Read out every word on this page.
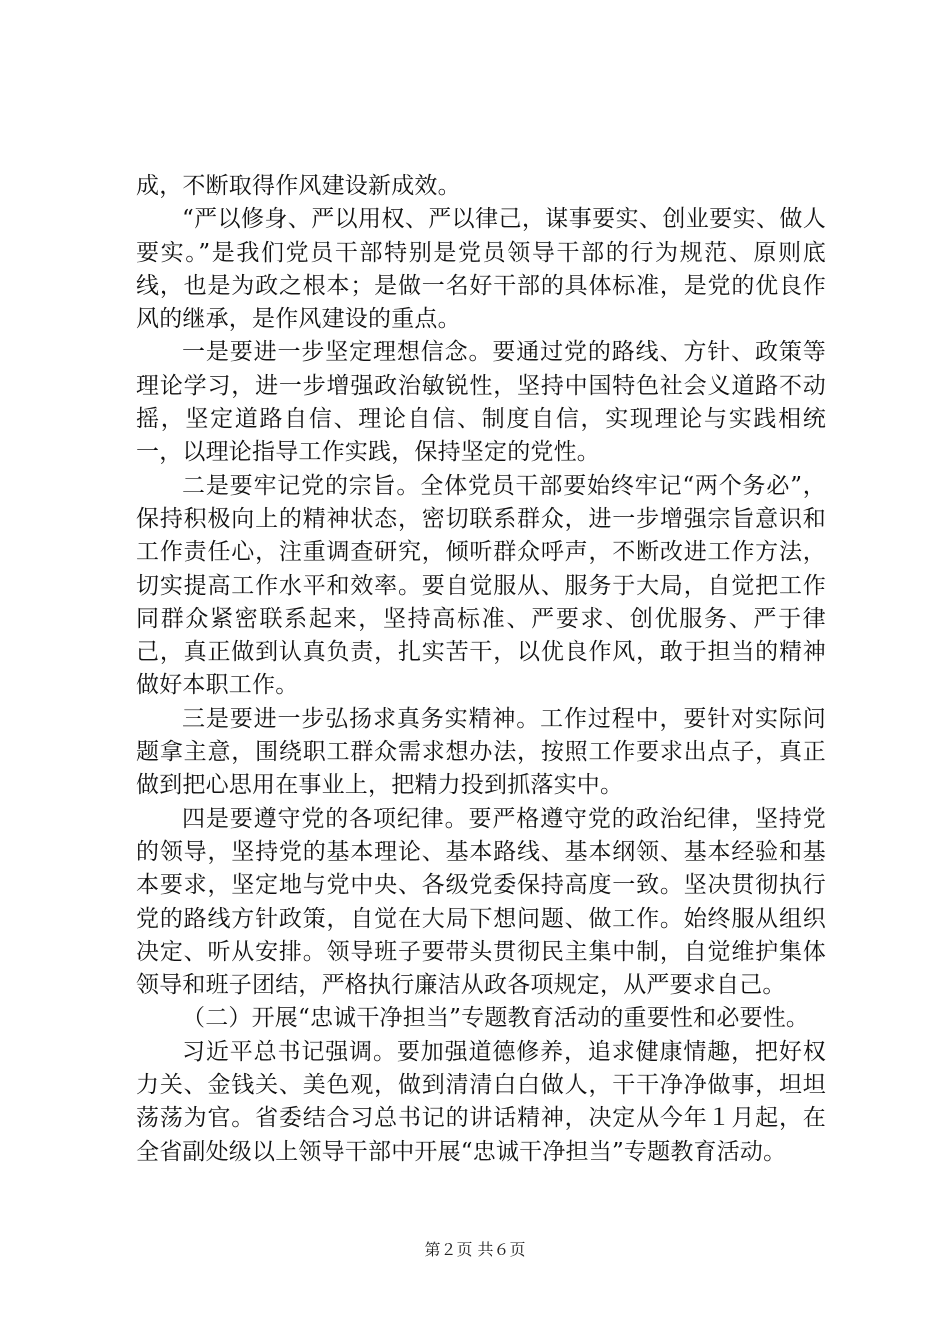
成，不断取得作风建设新成效。

“严以修身、严以用权、严以律己，谋事要实、创业要实、做人要实。”是我们党员干部特别是党员领导干部的行为规范、原则底线，也是为政之根本；是做一名好干部的具体标准，是党的优良作风的继承，是作风建设的重点。

一是要进一步坚定理想信念。要通过党的路线、方针、政策等理论学习，进一步增强政治敏锐性，坚持中国特色社会义道路不动摇，坚定道路自信、理论自信、制度自信，实现理论与实践相统一，以理论指导工作实践，保持坚定的党性。

二是要牢记党的宗旨。全体党员干部要始终牢记“两个务必”，保持积极向上的精神状态，密切联系群众，进一步增强宗旨意识和工作责任心，注重调查研究，倾听群众呼声，不断改进工作方法，切实提高工作水平和效率。要自觉服从、服务于大局，自觉把工作同群众紧密联系起来，坚持高标准、严要求、创优服务、严于律己，真正做到认真负责，扎实苦干，以优良作风，敢于担当的精神做好本职工作。

三是要进一步弘扬求真务实精神。工作过程中，要针对实际问题拿主意，围绕职工群众需求想办法，按照工作要求出点子，真正做到把心思用在事业上，把精力投到抓落实中。

四是要遵守党的各项纪律。要严格遵守党的政治纪律，坚持党的领导，坚持党的基本理论、基本路线、基本纲领、基本经验和基本要求，坚定地与党中央、各级党委保持高度一致。坚决贯彻执行党的路线方针政策，自觉在大局下想问题、做工作。始终服从组织决定、听从安排。领导班子要带头贯彻民主集中制，自觉维护集体领导和班子团结，严格执行廉洁从政各项规定，从严要求自己。

（二）开展“忠诚干净担当”专题教育活动的重要性和必要性。

习近平总书记强调。要加强道德修养，追求健康情趣，把好权力关、金钱关、美色观，做到清清白白做人，干干净净做事，坦坦荡荡为官。省委结合习总书记的讲话精神，决定从今年１月起，在全省副处级以上领导干部中开展“忠诚干净担当”专题教育活动。

第２页 共６页
